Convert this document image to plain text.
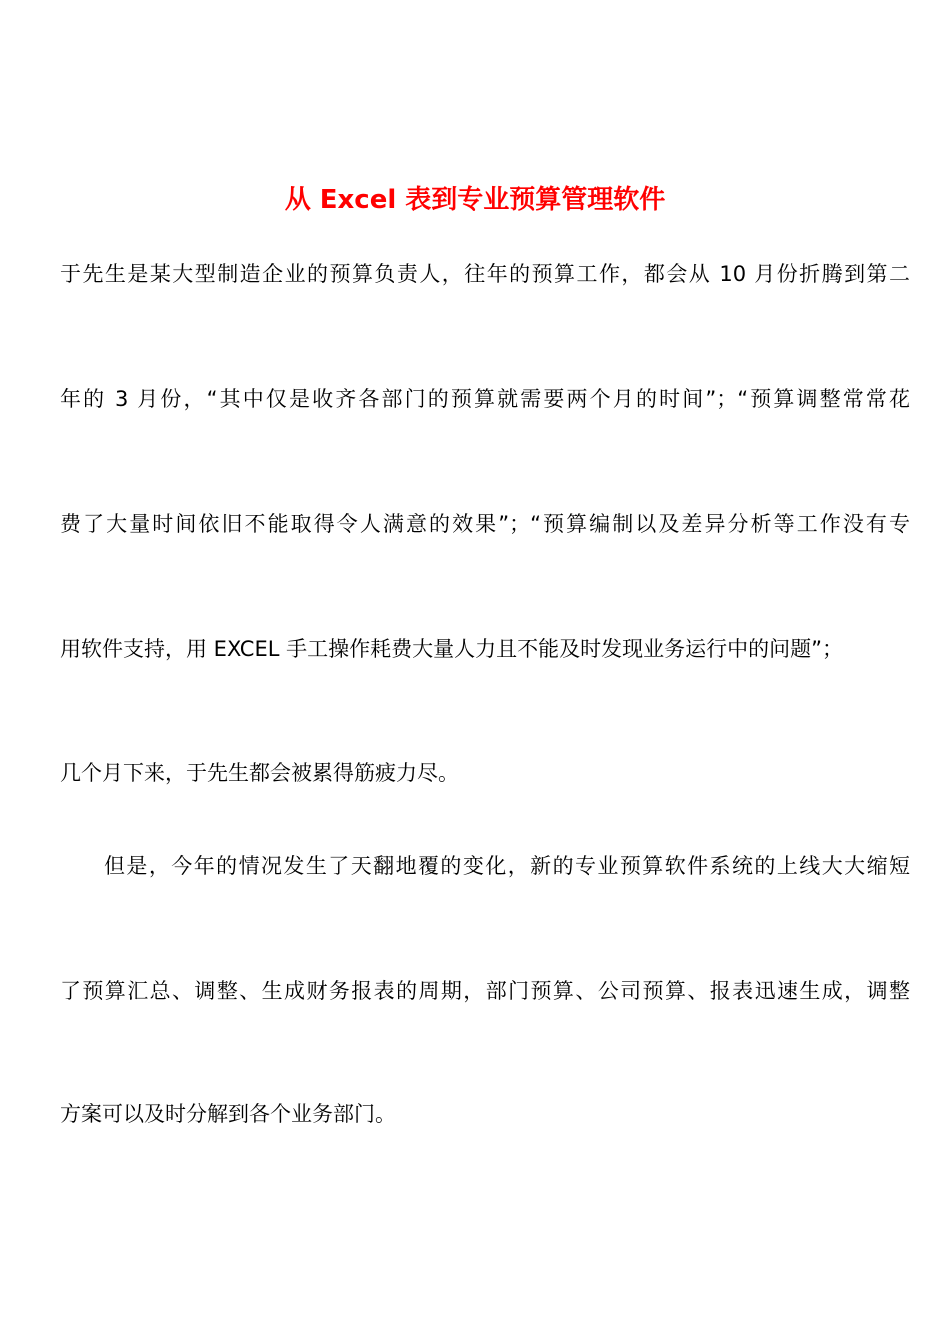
从 Excel 表到专业预算管理软件
于先生是某大型制造企业的预算负责人，往年的预算工作，都会从 10 月份折腾到第二
年的 3 月份，“其中仅是收齐各部门的预算就需要两个月的时间”；“预算调整常常花
费了大量时间依旧不能取得令人满意的效果”；“预算编制以及差异分析等工作没有专
用软件支持，用 EXCEL 手工操作耗费大量人力且不能及时发现业务运行中的问题”；
几个月下来，于先生都会被累得筋疲力尽。
但是，今年的情况发生了天翻地覆的变化，新的专业预算软件系统的上线大大缩短
了预算汇总、调整、生成财务报表的周期，部门预算、公司预算、报表迅速生成，调整
方案可以及时分解到各个业务部门。
